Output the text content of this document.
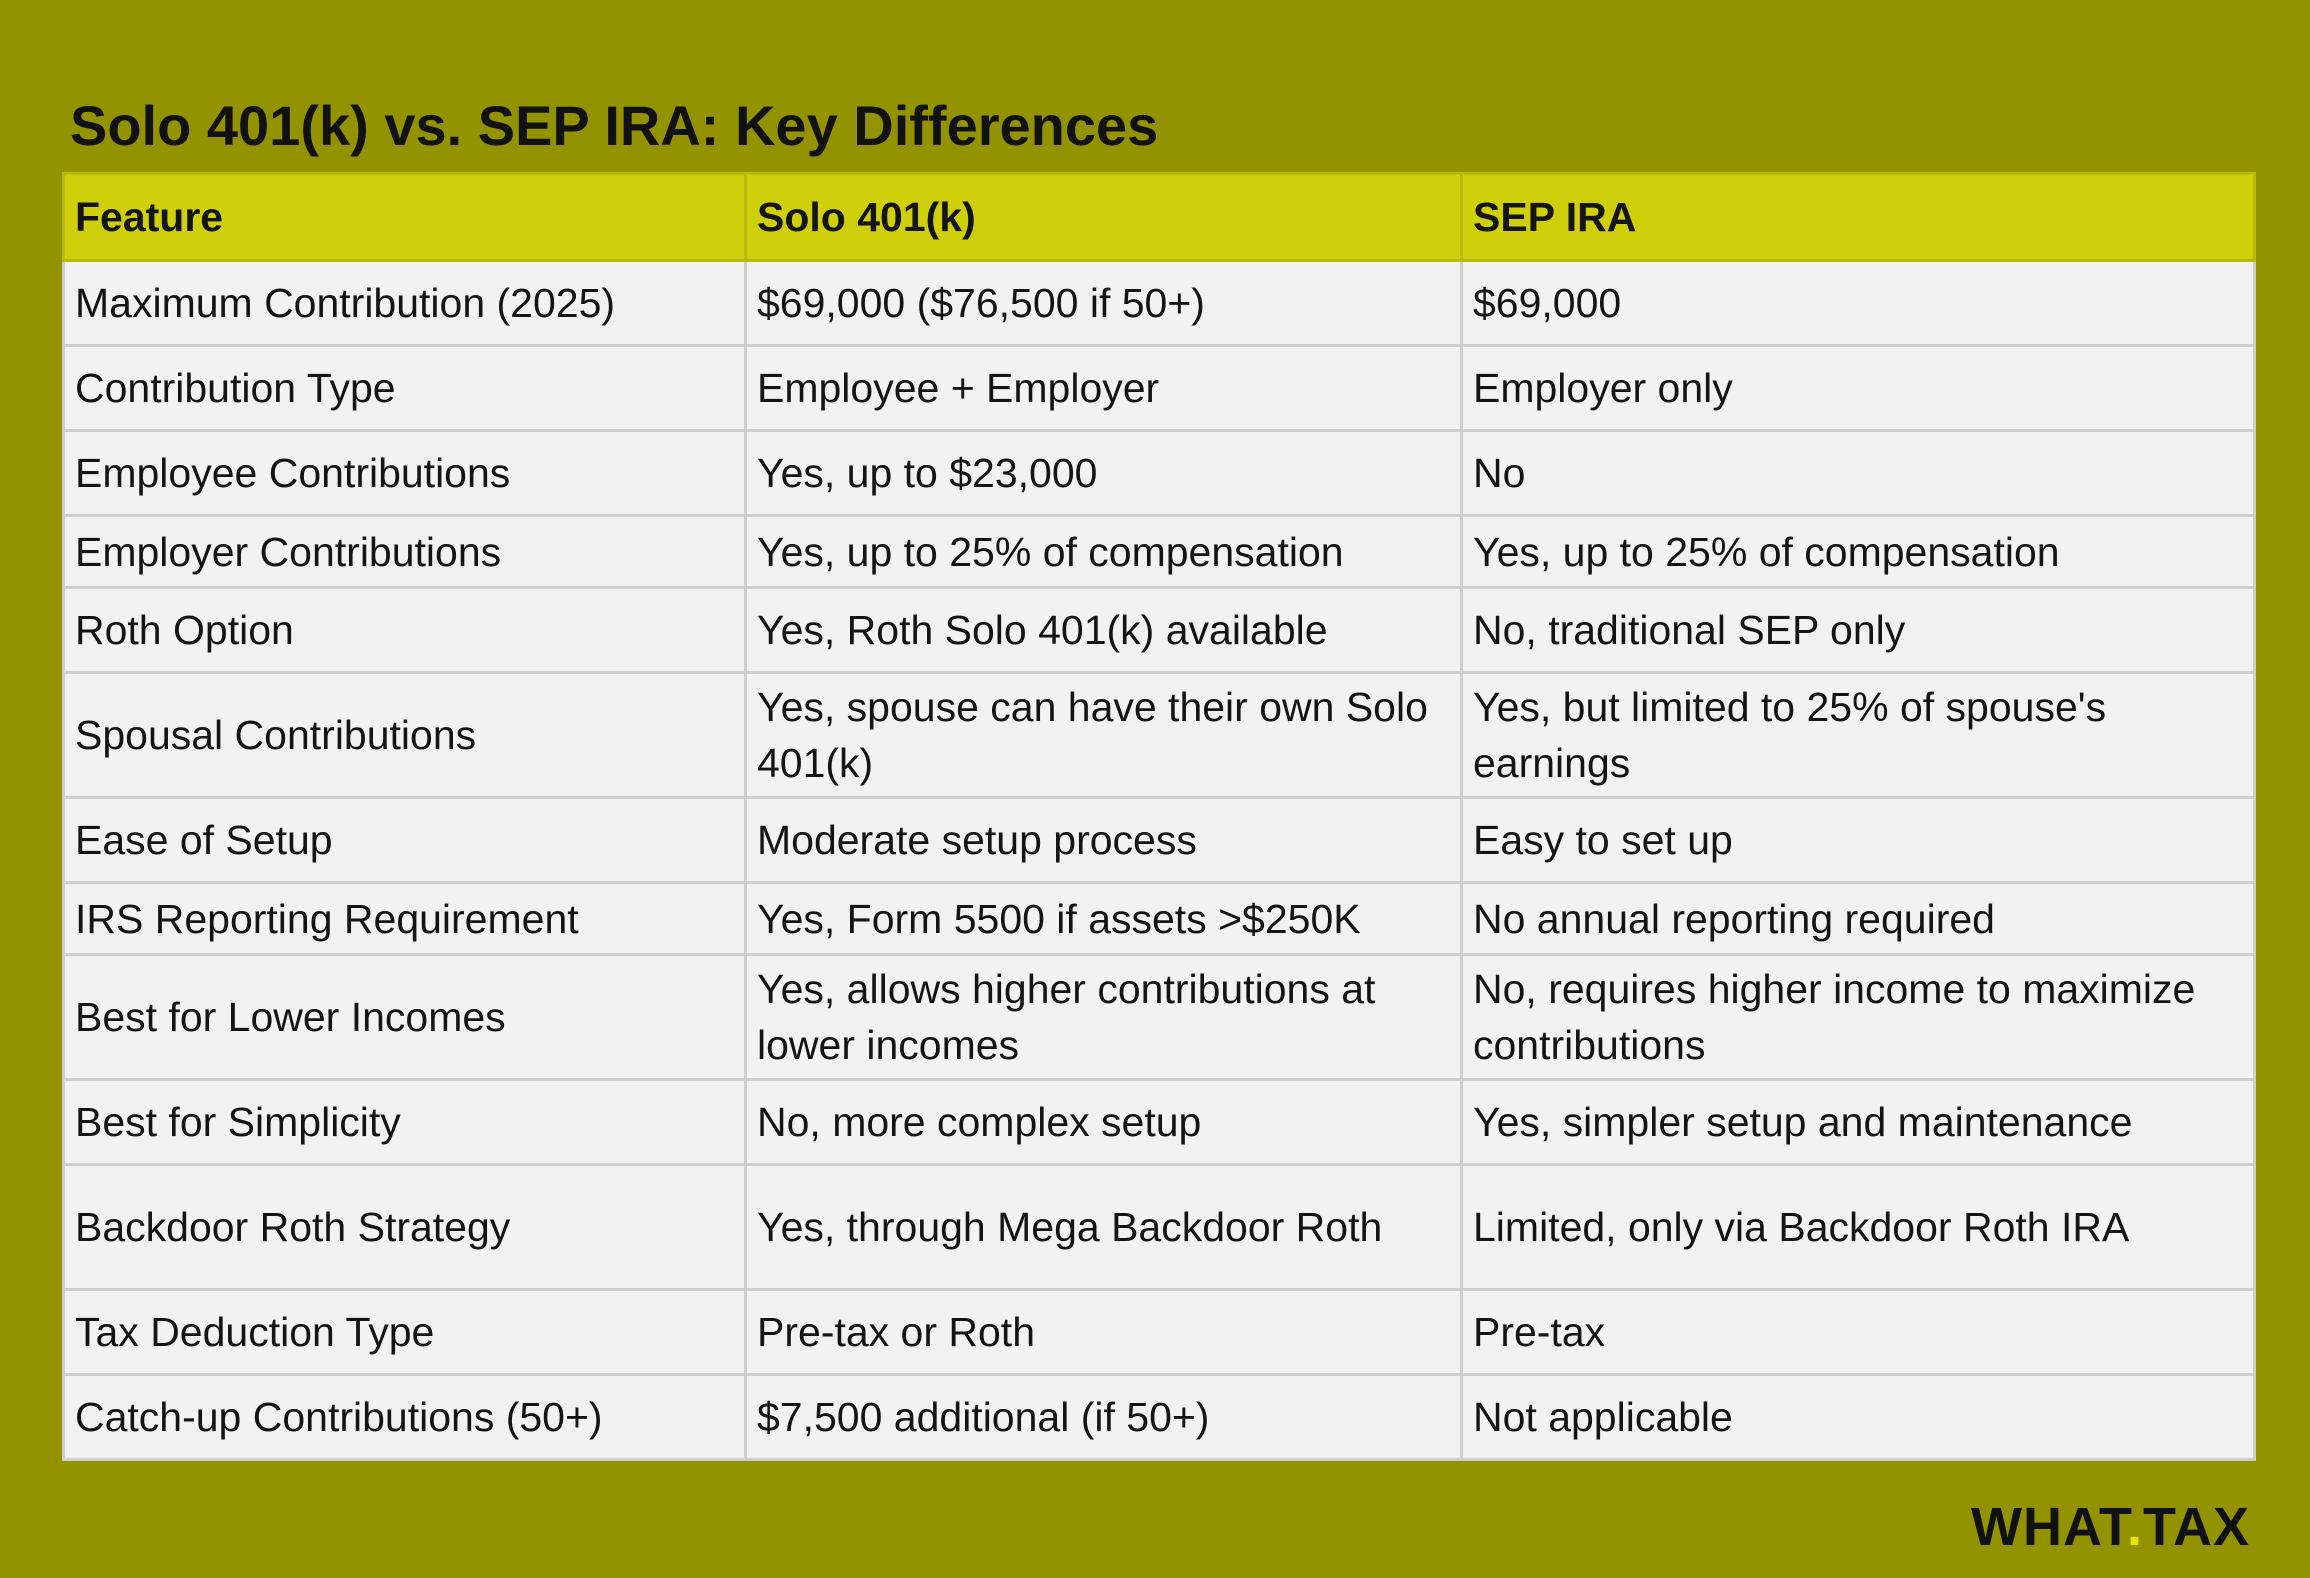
Solo 401(k) vs. SEP IRA: Key Differences
Feature	Solo 401(k)	SEP IRA
Maximum Contribution (2025)	$69,000 ($76,500 if 50+)	$69,000
Contribution Type	Employee + Employer	Employer only
Employee Contributions	Yes, up to $23,000	No
Employer Contributions	Yes, up to 25% of compensation	Yes, up to 25% of compensation
Roth Option	Yes, Roth Solo 401(k) available	No, traditional SEP only
Spousal Contributions	Yes, spouse can have their own Solo 401(k)	Yes, but limited to 25% of spouse's earnings
Ease of Setup	Moderate setup process	Easy to set up
IRS Reporting Requirement	Yes, Form 5500 if assets >$250K	No annual reporting required
Best for Lower Incomes	Yes, allows higher contributions at lower incomes	No, requires higher income to maximize contributions
Best for Simplicity	No, more complex setup	Yes, simpler setup and maintenance
Backdoor Roth Strategy	Yes, through Mega Backdoor Roth	Limited, only via Backdoor Roth IRA
Tax Deduction Type	Pre-tax or Roth	Pre-tax
Catch-up Contributions (50+)	$7,500 additional (if 50+)	Not applicable
WHAT.TAX
